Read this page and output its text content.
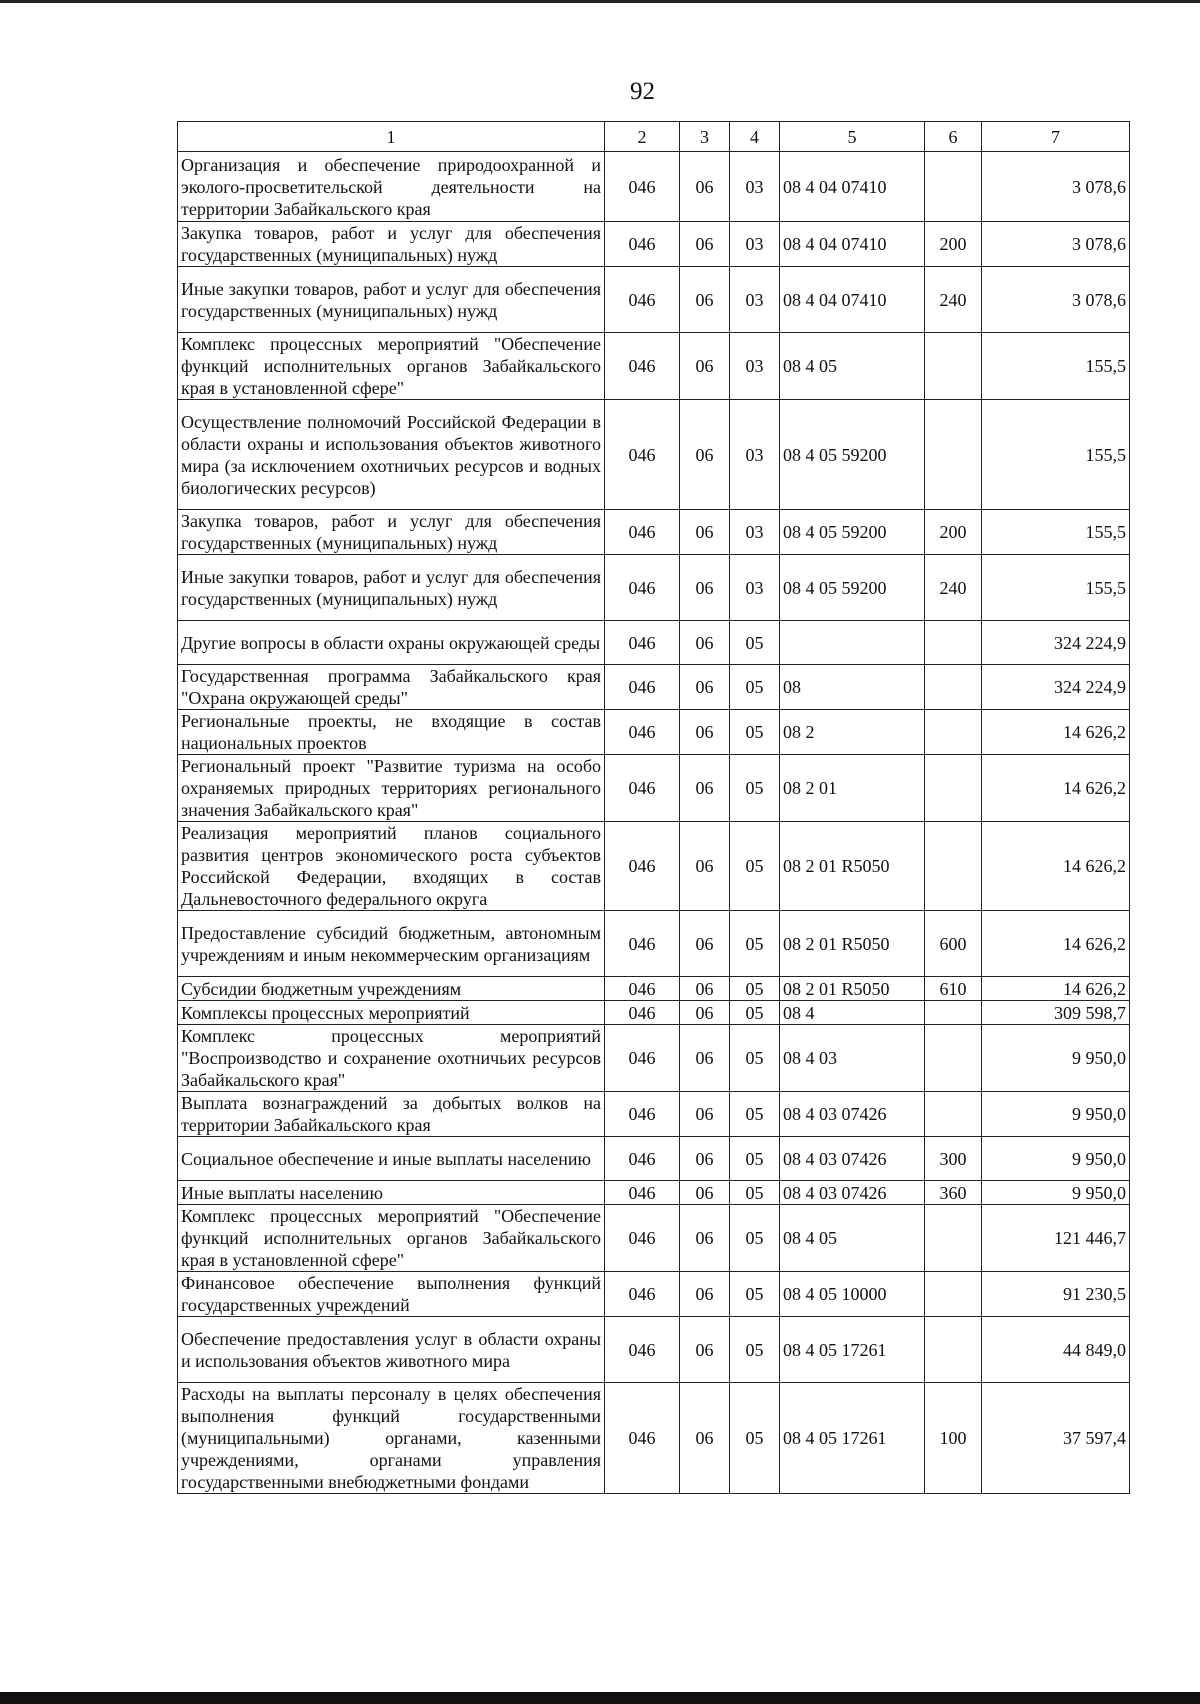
92
1	2	3	4	5	6	7
Организация и обеспечение природоохранной и эколого-просветительской деятельности на территории Забайкальского края	046	06	03	08 4 04 07410		3 078,6
Закупка товаров, работ и услуг для обеспечения государственных (муниципальных) нужд	046	06	03	08 4 04 07410	200	3 078,6
Иные закупки товаров, работ и услуг для обеспечения государственных (муниципальных) нужд	046	06	03	08 4 04 07410	240	3 078,6
Комплекс процессных мероприятий "Обеспечение функций исполнительных органов Забайкальского края в установленной сфере"	046	06	03	08 4 05		155,5
Осуществление полномочий Российской Федерации в области охраны и использования объектов животного мира (за исключением охотничьих ресурсов и водных биологических ресурсов)	046	06	03	08 4 05 59200		155,5
Закупка товаров, работ и услуг для обеспечения государственных (муниципальных) нужд	046	06	03	08 4 05 59200	200	155,5
Иные закупки товаров, работ и услуг для обеспечения государственных (муниципальных) нужд	046	06	03	08 4 05 59200	240	155,5
Другие вопросы в области охраны окружающей среды	046	06	05			324 224,9
Государственная программа Забайкальского края "Охрана окружающей среды"	046	06	05	08		324 224,9
Региональные проекты, не входящие в состав национальных проектов	046	06	05	08 2		14 626,2
Региональный проект "Развитие туризма на особо охраняемых природных территориях регионального значения Забайкальского края"	046	06	05	08 2 01		14 626,2
Реализация мероприятий планов социального развития центров экономического роста субъектов Российской Федерации, входящих в состав Дальневосточного федерального округа	046	06	05	08 2 01 R5050		14 626,2
Предоставление субсидий бюджетным, автономным учреждениям и иным некоммерческим организациям	046	06	05	08 2 01 R5050	600	14 626,2
Субсидии бюджетным учреждениям	046	06	05	08 2 01 R5050	610	14 626,2
Комплексы процессных мероприятий	046	06	05	08 4		309 598,7
Комплекс процессных мероприятий "Воспроизводство и сохранение охотничьих ресурсов Забайкальского края"	046	06	05	08 4 03		9 950,0
Выплата вознаграждений за добытых волков на территории Забайкальского края	046	06	05	08 4 03 07426		9 950,0
Социальное обеспечение и иные выплаты населению	046	06	05	08 4 03 07426	300	9 950,0
Иные выплаты населению	046	06	05	08 4 03 07426	360	9 950,0
Комплекс процессных мероприятий "Обеспечение функций исполнительных органов Забайкальского края в установленной сфере"	046	06	05	08 4 05		121 446,7
Финансовое обеспечение выполнения функций государственных учреждений	046	06	05	08 4 05 10000		91 230,5
Обеспечение предоставления услуг в области охраны и использования объектов животного мира	046	06	05	08 4 05 17261		44 849,0
Расходы на выплаты персоналу в целях обеспечения выполнения функций государственными (муниципальными) органами, казенными учреждениями, органами управления государственными внебюджетными фондами	046	06	05	08 4 05 17261	100	37 597,4
